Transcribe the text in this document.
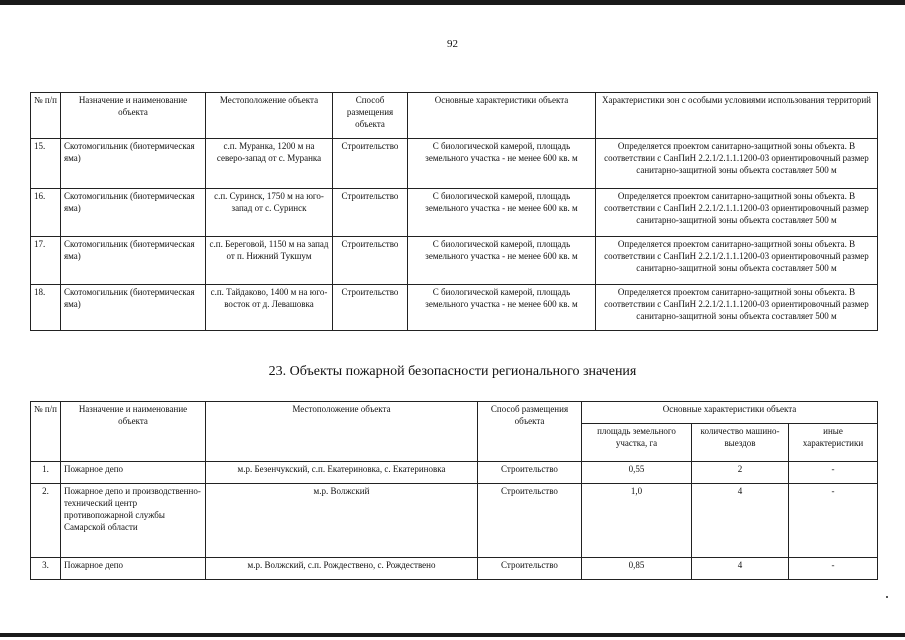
92
№ п/п	Назначение и наименование объекта	Местоположение объекта	Способ размещения объекта	Основные характеристики объекта	Характеристики зон с особыми условиями использования территорий
15.	Скотомогильник (биотермическая яма)	с.п. Муранка, 1200 м на северо-запад от с. Муранка	Строительство	С биологической камерой, площадь земельного участка - не менее 600 кв. м	Определяется проектом санитарно-защитной зоны объекта. В соответствии с СанПиН 2.2.1/2.1.1.1200-03 ориентировочный размер санитарно-защитной зоны объекта составляет 500 м
16.	Скотомогильник (биотермическая яма)	с.п. Суринск, 1750 м на юго-запад от с. Суринск	Строительство	С биологической камерой, площадь земельного участка - не менее 600 кв. м	Определяется проектом санитарно-защитной зоны объекта. В соответствии с СанПиН 2.2.1/2.1.1.1200-03 ориентировочный размер санитарно-защитной зоны объекта составляет 500 м
17.	Скотомогильник (биотермическая яма)	с.п. Береговой, 1150 м на запад от п. Нижний Тукшум	Строительство	С биологической камерой, площадь земельного участка - не менее 600 кв. м	Определяется проектом санитарно-защитной зоны объекта. В соответствии с СанПиН 2.2.1/2.1.1.1200-03 ориентировочный размер санитарно-защитной зоны объекта составляет 500 м
18.	Скотомогильник (биотермическая яма)	с.п. Тайдаково, 1400 м на юго-восток от д. Левашовка	Строительство	С биологической камерой, площадь земельного участка - не менее 600 кв. м	Определяется проектом санитарно-защитной зоны объекта. В соответствии с СанПиН 2.2.1/2.1.1.1200-03 ориентировочный размер санитарно-защитной зоны объекта составляет 500 м
23. Объекты пожарной безопасности регионального значения
№ п/п	Назначение и наименование объекта	Местоположение объекта	Способ размещения объекта	Основные характеристики объекта		
				площадь земельного участка, га	количество машино-выездов	иные характеристики
1.	Пожарное депо	м.р. Безенчукский, с.п. Екатериновка, с. Екатериновка	Строительство	0,55	2	-
2.	Пожарное депо и производственно-технический центр противопожарной службы Самарской области	м.р. Волжский	Строительство	1,0	4	-
3.	Пожарное депо	м.р. Волжский, с.п. Рождествено, с. Рождествено	Строительство	0,85	4	-
